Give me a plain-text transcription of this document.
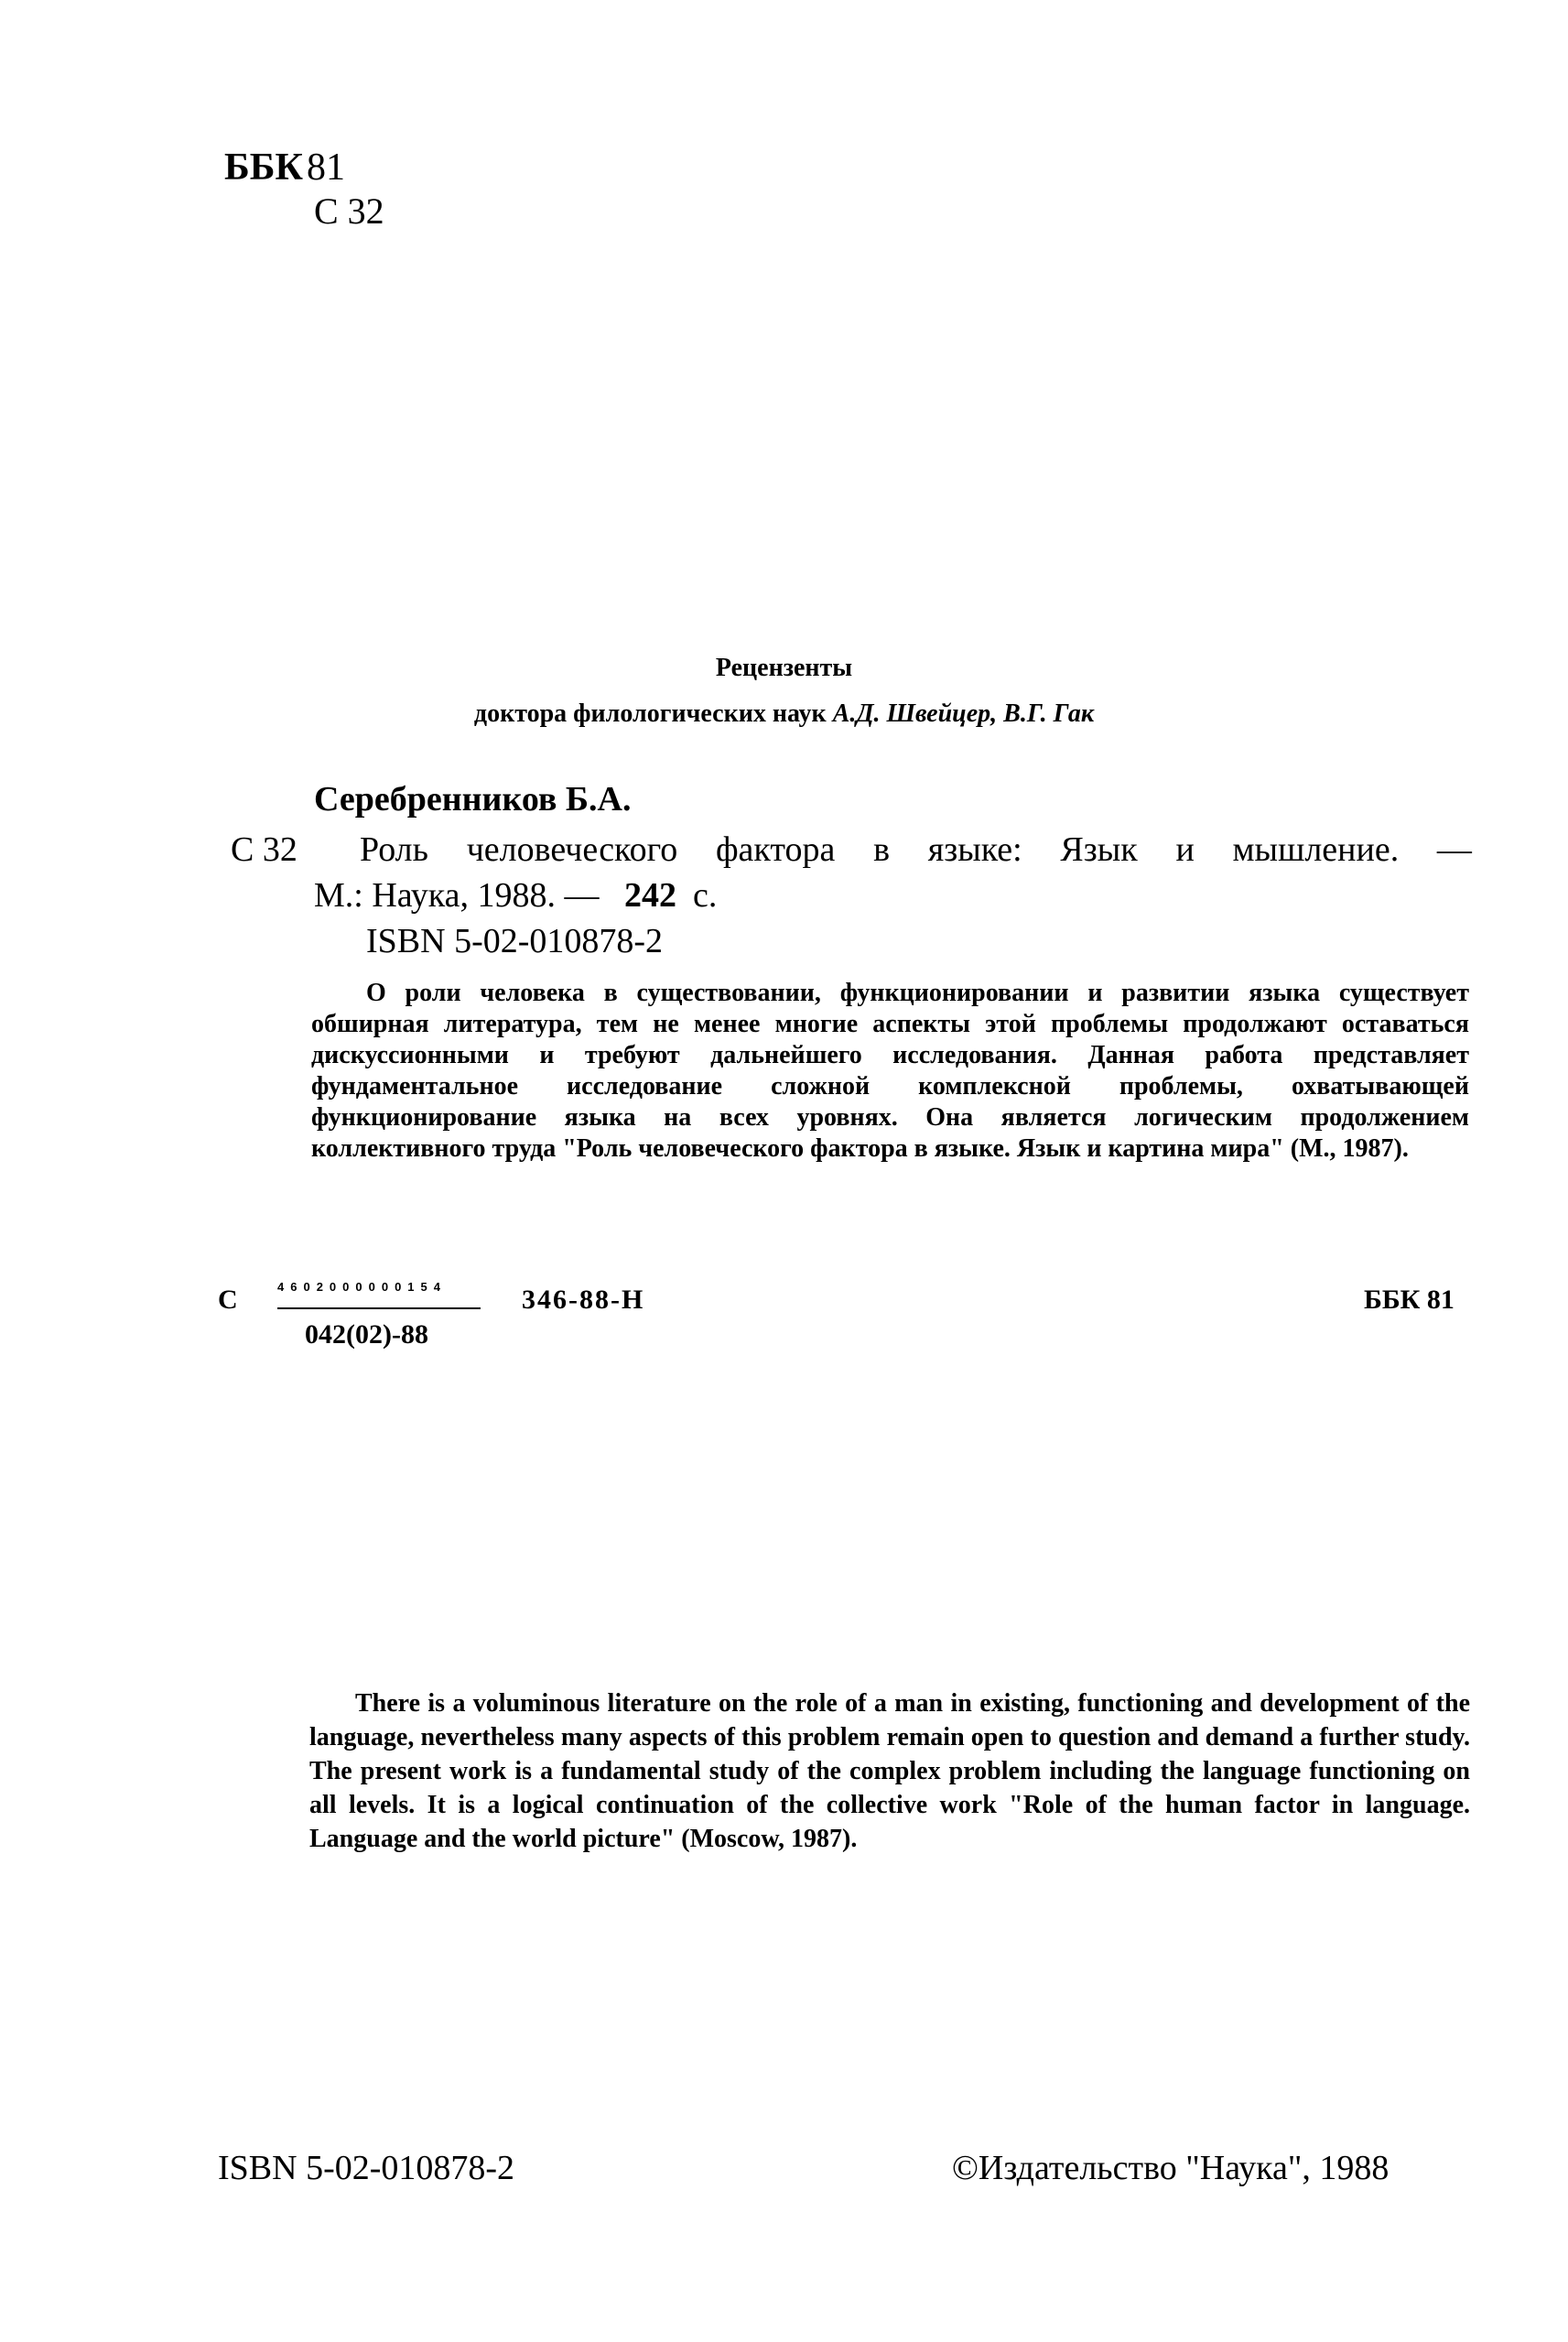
ББК81
С 32
Рецензенты
доктора филологических наук А.Д. Швейцер, В.Г. Гак
Серебренников Б.А.
С 32 Роль человеческого фактора в языке: Язык и мышление. —
М.: Наука, 1988. — 242 с.
ISBN 5-02-010878-2

О роли человека в существовании, функционировании и развитии языка существует обширная литература, тем не менее многие аспекты этой проблемы продолжают оставаться дискуссионными и требуют дальнейшего исследования. Данная работа представляет фундаментальное исследование сложной комплексной проблемы, охватывающей функционирование языка на всех уровнях. Она является логическим продолжением коллективного труда "Роль человеческого фактора в языке. Язык и картина мира" (М., 1987).

С	4602000000154	346-88-Н
042(02)-88
ББК 81

There is a voluminous literature on the role of a man in existing, functioning and development of the language, nevertheless many aspects of this problem remain open to question and demand a further study. The present work is a fundamental study of the complex problem including the language functioning on all levels. It is a logical continuation of the collective work "Role of the human factor in language. Language and the world picture" (Moscow, 1987).

ISBN 5-02-010878-2	©Издательство "Наука", 1988
